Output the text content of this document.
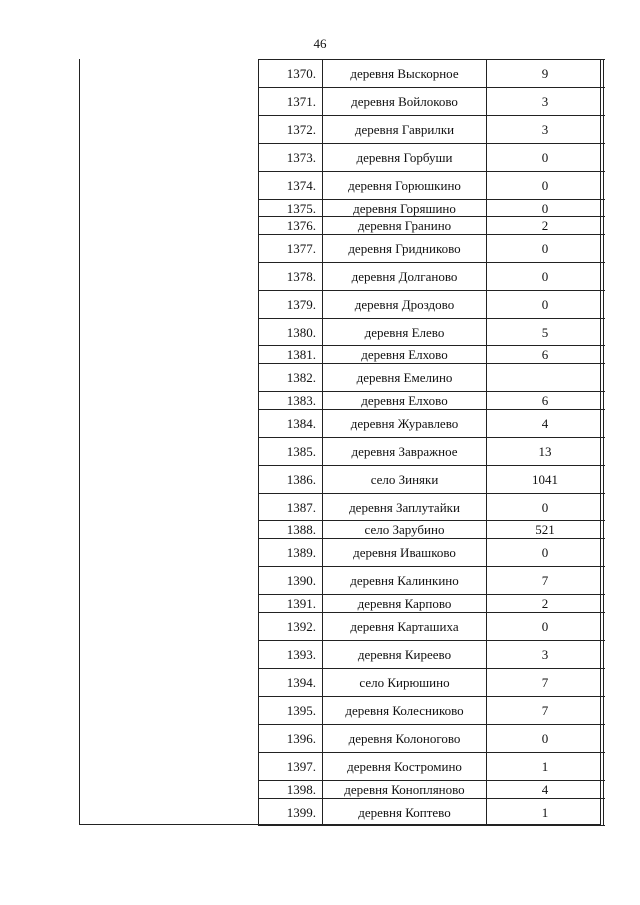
46
1370.	деревня Выскорное	9
1371.	деревня Войлоково	3
1372.	деревня Гаврилки	3
1373.	деревня Горбуши	0
1374.	деревня Горюшкино	0
1375.	деревня Горяшино	0
1376.	деревня Гранино	2
1377.	деревня Гридниково	0
1378.	деревня Долганово	0
1379.	деревня Дроздово	0
1380.	деревня Елево	5
1381.	деревня Елхово	6
1382.	деревня Емелино
1383.	деревня Елхово	6
1384.	деревня Журавлево	4
1385.	деревня Завражное	13
1386.	село Зиняки	1041
1387.	деревня Заплутайки	0
1388.	село Зарубино	521
1389.	деревня Ивашково	0
1390.	деревня Калинкино	7
1391.	деревня Карпово	2
1392.	деревня Карташиха	0
1393.	деревня Киреево	3
1394.	село Кирюшино	7
1395.	деревня Колесниково	7
1396.	деревня Колоногово	0
1397.	деревня Костромино	1
1398.	деревня Конопляново	4
1399.	деревня Коптево	1
